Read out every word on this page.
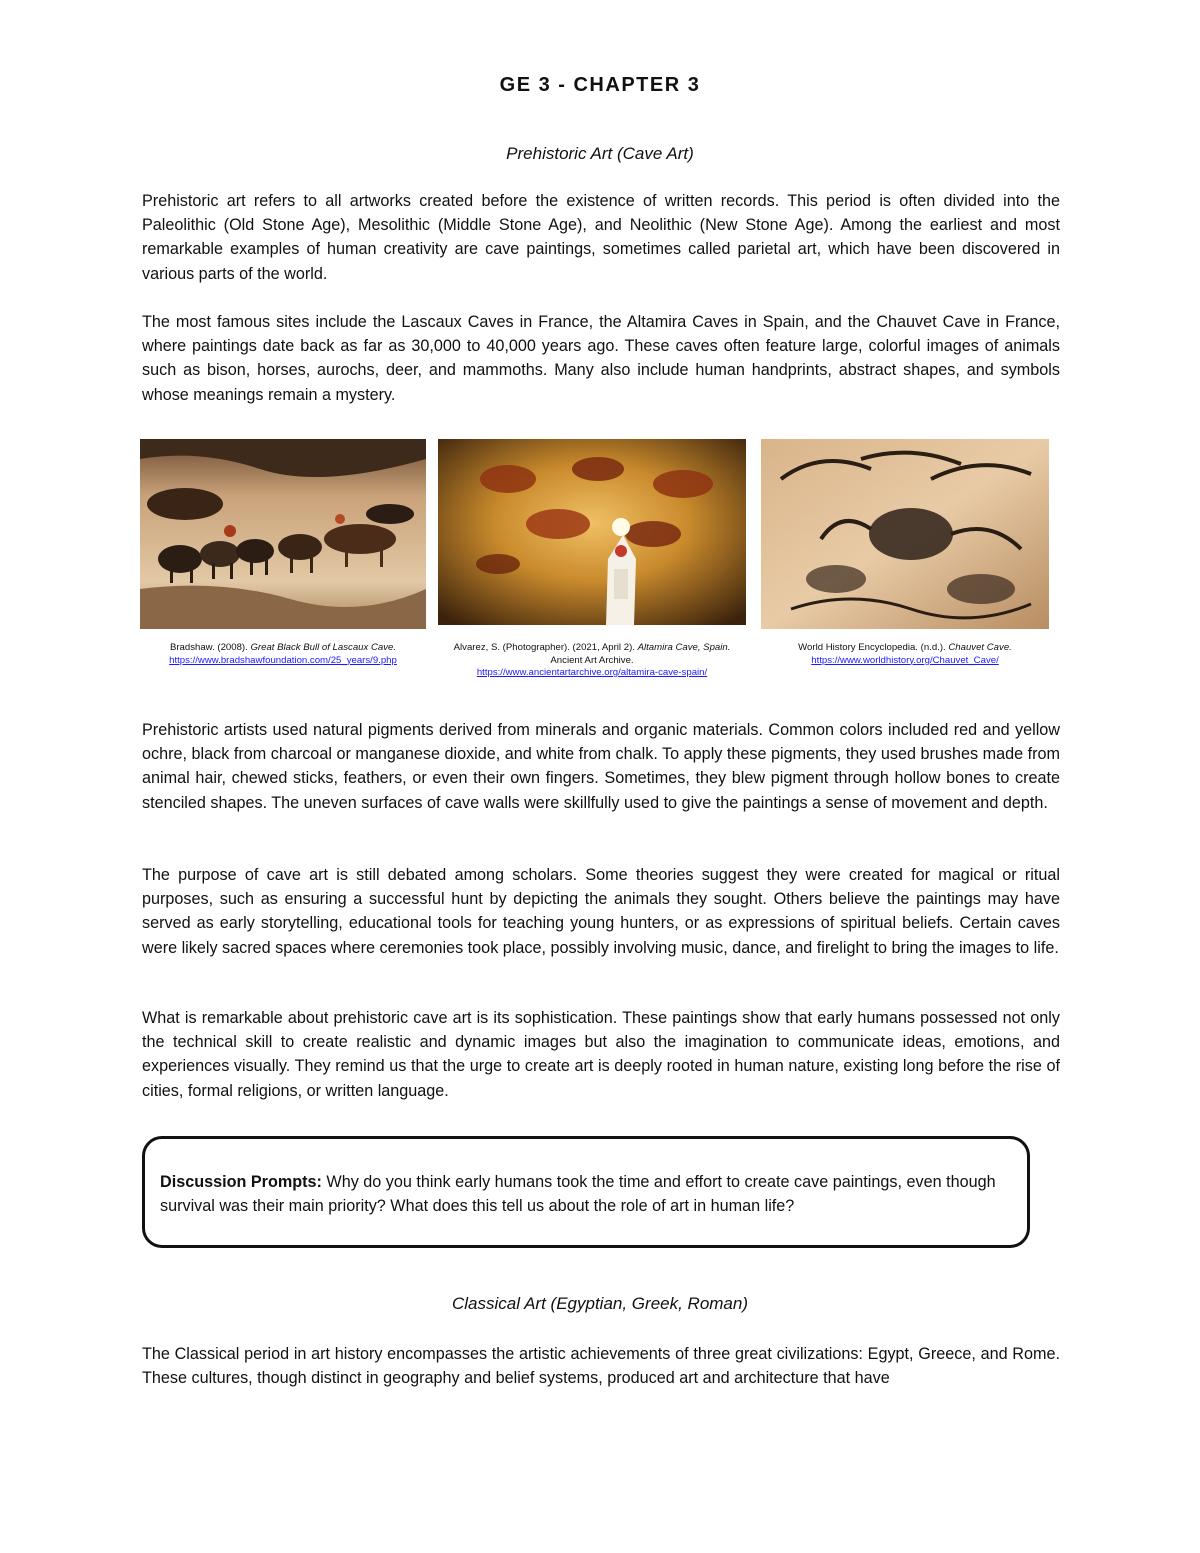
GE 3 - CHAPTER 3
Prehistoric Art (Cave Art)

Prehistoric art refers to all artworks created before the existence of written records. This period is often divided into the Paleolithic (Old Stone Age), Mesolithic (Middle Stone Age), and Neolithic (New Stone Age). Among the earliest and most remarkable examples of human creativity are cave paintings, sometimes called parietal art, which have been discovered in various parts of the world.

The most famous sites include the Lascaux Caves in France, the Altamira Caves in Spain, and the Chauvet Cave in France, where paintings date back as far as 30,000 to 40,000 years ago. These caves often feature large, colorful images of animals such as bison, horses, aurochs, deer, and mammoths. Many also include human handprints, abstract shapes, and symbols whose meanings remain a mystery.

Bradshaw. (2008). Great Black Bull of Lascaux Cave.
https://www.bradshawfoundation.com/25_years/9.php
Alvarez, S. (Photographer). (2021, April 2). Altamira Cave, Spain. Ancient Art Archive.
https://www.ancientartarchive.org/altamira-cave-spain/
World History Encyclopedia. (n.d.). Chauvet Cave.
https://www.worldhistory.org/Chauvet_Cave/

Prehistoric artists used natural pigments derived from minerals and organic materials. Common colors included red and yellow ochre, black from charcoal or manganese dioxide, and white from chalk. To apply these pigments, they used brushes made from animal hair, chewed sticks, feathers, or even their own fingers. Sometimes, they blew pigment through hollow bones to create stenciled shapes. The uneven surfaces of cave walls were skillfully used to give the paintings a sense of movement and depth.

The purpose of cave art is still debated among scholars. Some theories suggest they were created for magical or ritual purposes, such as ensuring a successful hunt by depicting the animals they sought. Others believe the paintings may have served as early storytelling, educational tools for teaching young hunters, or as expressions of spiritual beliefs. Certain caves were likely sacred spaces where ceremonies took place, possibly involving music, dance, and firelight to bring the images to life.

What is remarkable about prehistoric cave art is its sophistication. These paintings show that early humans possessed not only the technical skill to create realistic and dynamic images but also the imagination to communicate ideas, emotions, and experiences visually. They remind us that the urge to create art is deeply rooted in human nature, existing long before the rise of cities, formal religions, or written language.

Discussion Prompts: Why do you think early humans took the time and effort to create cave paintings, even though survival was their main priority? What does this tell us about the role of art in human life?

Classical Art (Egyptian, Greek, Roman)

The Classical period in art history encompasses the artistic achievements of three great civilizations: Egypt, Greece, and Rome. These cultures, though distinct in geography and belief systems, produced art and architecture that have
